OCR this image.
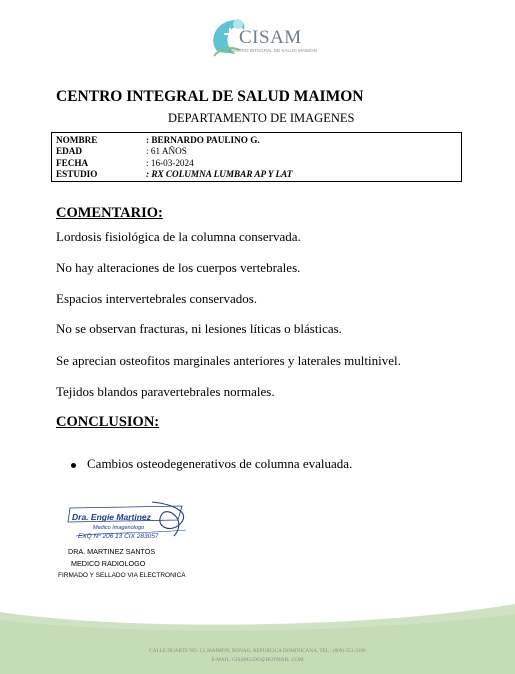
CISAM
CENTRO INTEGRAL DE SALUD MAIMON
CENTRO INTEGRAL DE SALUD MAIMON
DEPARTAMENTO DE IMAGENES
NOMBRE	: BERNARDO PAULINO G.
EDAD	: 61 AÑOS
FECHA	: 16-03-2024
ESTUDIO	: RX COLUMNA LUMBAR AP Y LAT
COMENTARIO:
Lordosis fisiológica de la columna conservada.
No hay alteraciones de los cuerpos vertebrales.
Espacios intervertebrales conservados.
No se observan fracturas, ni lesiones líticas o blásticas.
Se aprecian osteofitos marginales anteriores y laterales multinivel.
Tejidos blandos paravertebrales normales.
CONCLUSION:
Cambios osteodegenerativos de columna evaluada.
Dra. Engie Martinez
Medico Imagenologo
EXQ Nº 206 13 CIX 283057
DRA. MARTINEZ SANTOS
MEDICO RADIOLOGO
FIRMADO Y SELLADO VIA ELECTRONICA
CALLE DUARTE NO. 13, MAIMÓN, BONAO, REPUBLICA DOMINICANA, TEL.: (809)-551-2106
E-MAIL: CISAM.LDO@HOTMAIL .COM
